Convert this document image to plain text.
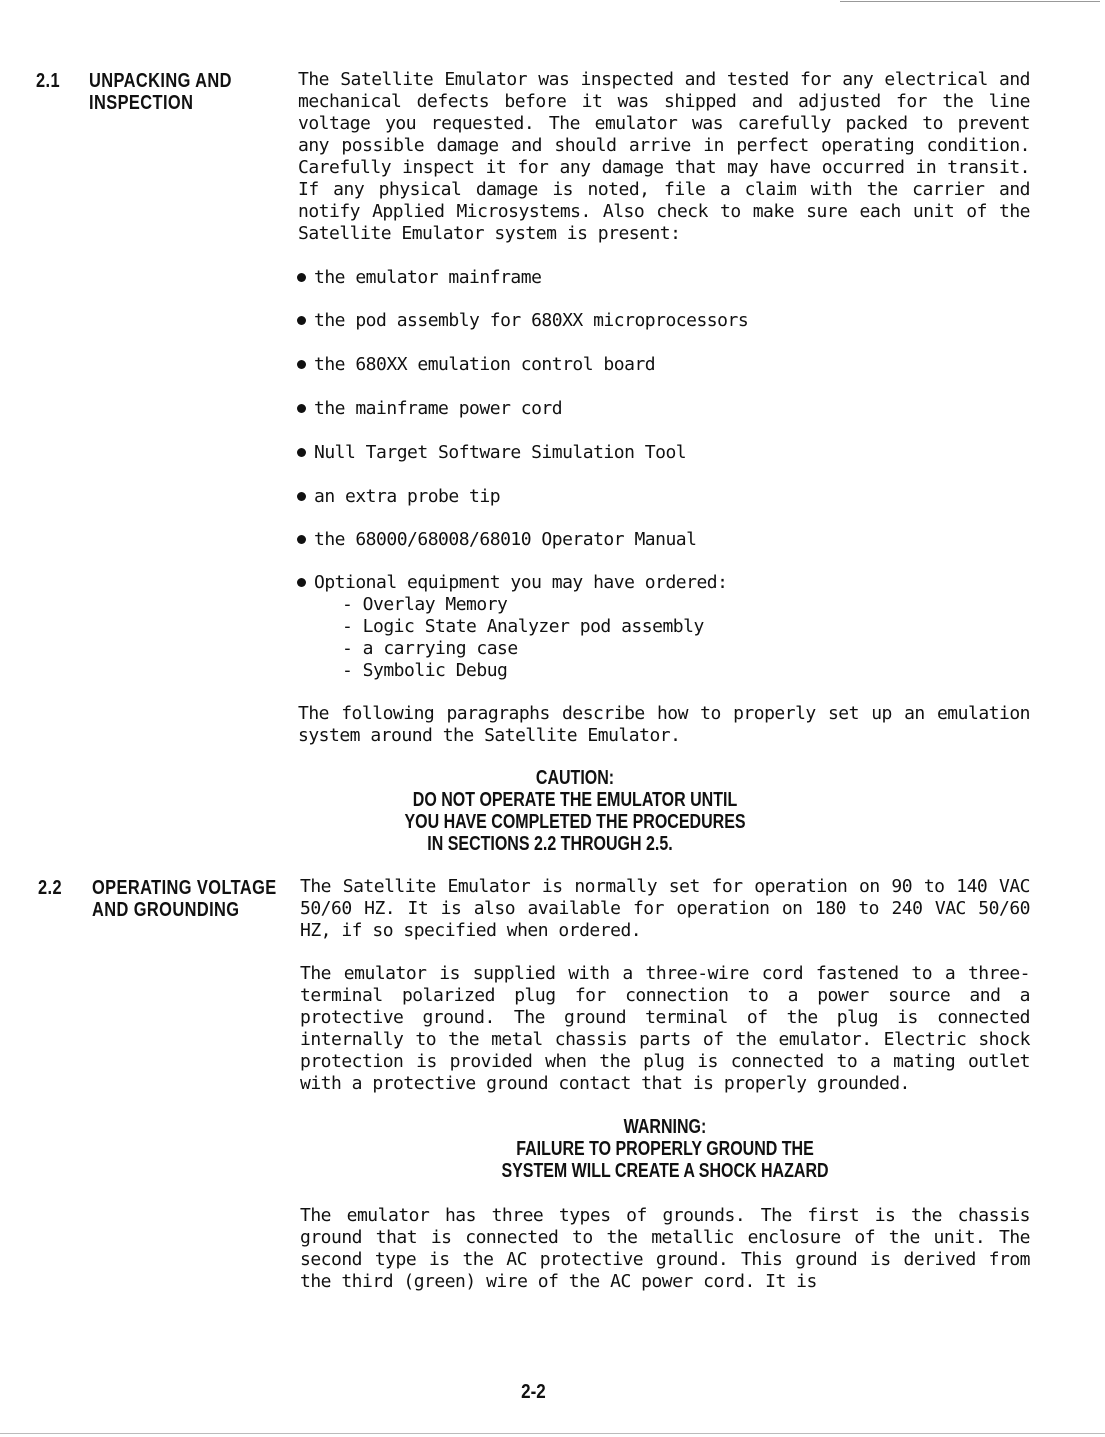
2.1 UNPACKING AND
INSPECTION

The Satellite Emulator was inspected and tested for any electrical and mechanical defects before it was shipped and adjusted for the line voltage you requested. The emulator was carefully packed to prevent any possible damage and should arrive in perfect operating condition. Carefully inspect it for any damage that may have occurred in transit. If any physical damage is noted, file a claim with the carrier and notify Applied Microsystems. Also check to make sure each unit of the Satellite Emulator system is present:

the emulator mainframe

the pod assembly for 680XX microprocessors

the 680XX emulation control board

the mainframe power cord

Null Target Software Simulation Tool

an extra probe tip

the 68000/68008/68010 Operator Manual

Optional equipment you may have ordered:

- Overlay Memory

- Logic State Analyzer pod assembly

- a carrying case

- Symbolic Debug

The following paragraphs describe how to properly set up an emulation system around the Satellite Emulator.

CAUTION:

DO NOT OPERATE THE EMULATOR UNTIL

YOU HAVE COMPLETED THE PROCEDURES

IN SECTIONS 2.2 THROUGH 2.5.

2.2 OPERATING VOLTAGE
AND GROUNDING

The Satellite Emulator is normally set for operation on 90 to 140 VAC 50/60 HZ. It is also available for operation on 180 to 240 VAC 50/60 HZ, if so specified when ordered.

The emulator is supplied with a three-wire cord fastened to a three-terminal polarized plug for connection to a power source and a protective ground. The ground terminal of the plug is connected internally to the metal chassis parts of the emulator. Electric shock protection is provided when the plug is connected to a mating outlet with a protective ground contact that is properly grounded.

WARNING:

FAILURE TO PROPERLY GROUND THE

SYSTEM WILL CREATE A SHOCK HAZARD

The emulator has three types of grounds. The first is the chassis ground that is connected to the metallic enclosure of the unit. The second type is the AC protective ground. This ground is derived from the third (green) wire of the AC power cord. It is

2-2
